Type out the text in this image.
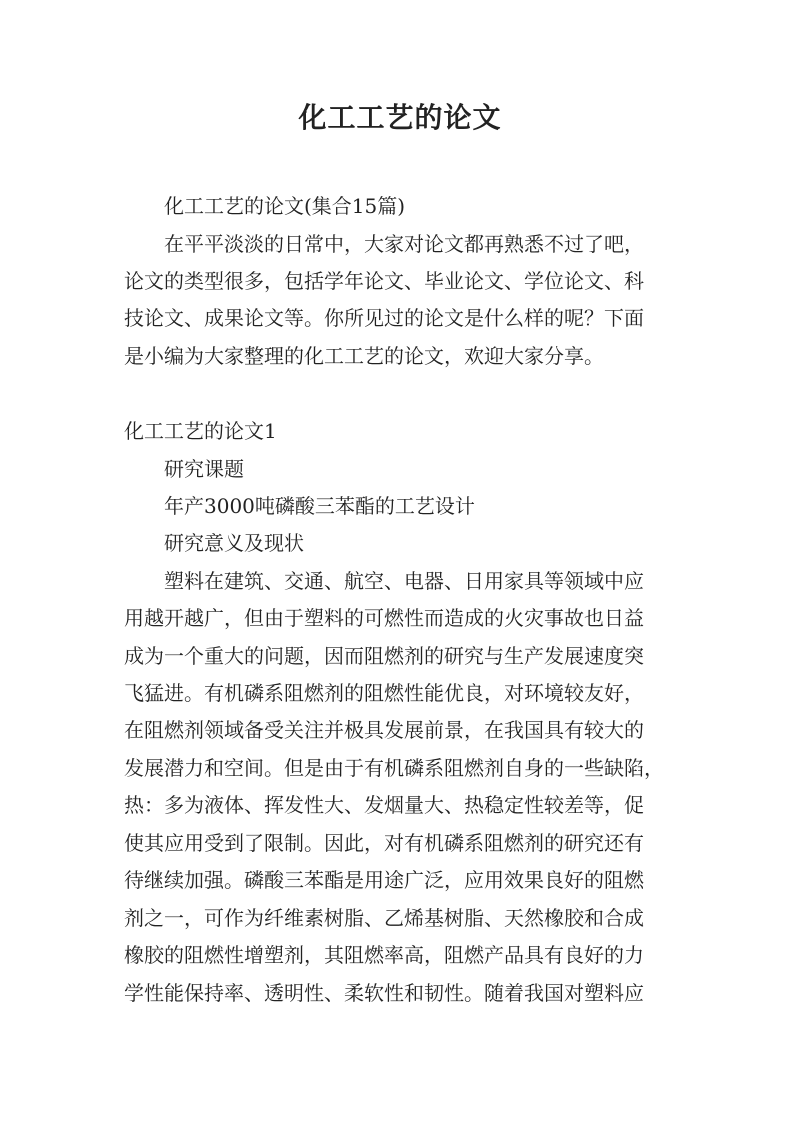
化工工艺的论文
化工工艺的论文(集合15篇)
在平平淡淡的日常中，大家对论文都再熟悉不过了吧，
论文的类型很多，包括学年论文、毕业论文、学位论文、科
技论文、成果论文等。你所见过的论文是什么样的呢？下面
是小编为大家整理的化工工艺的论文，欢迎大家分享。
化工工艺的论文1
研究课题
年产3000吨磷酸三苯酯的工艺设计
研究意义及现状
塑料在建筑、交通、航空、电器、日用家具等领域中应
用越开越广，但由于塑料的可燃性而造成的火灾事故也日益
成为一个重大的问题，因而阻燃剂的研究与生产发展速度突
飞猛进。有机磷系阻燃剂的阻燃性能优良，对环境较友好，
在阻燃剂领域备受关注并极具发展前景，在我国具有较大的
发展潜力和空间。但是由于有机磷系阻燃剂自身的一些缺陷，
热：多为液体、挥发性大、发烟量大、热稳定性较差等，促
使其应用受到了限制。因此，对有机磷系阻燃剂的研究还有
待继续加强。磷酸三苯酯是用途广泛，应用效果良好的阻燃
剂之一，可作为纤维素树脂、乙烯基树脂、天然橡胶和合成
橡胶的阻燃性增塑剂，其阻燃率高，阻燃产品具有良好的力
学性能保持率、透明性、柔软性和韧性。随着我国对塑料应
